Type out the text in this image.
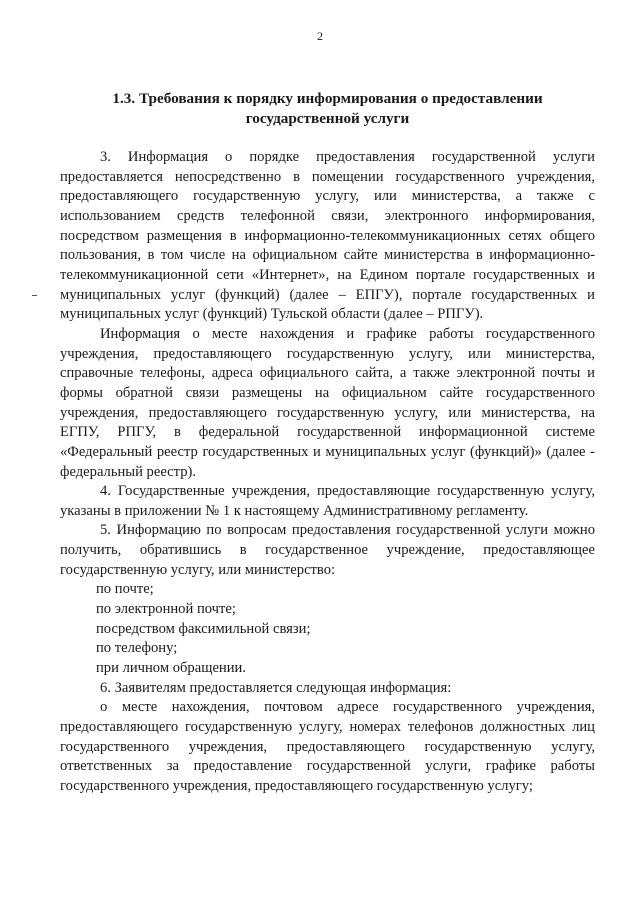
2
1.3. Требования к порядку информирования о предоставлении государственной услуги

3. Информация о порядке предоставления государственной услуги предоставляется непосредственно в помещении государственного учреждения, предоставляющего государственную услугу, или министерства, а также с использованием средств телефонной связи, электронного информирования, посредством размещения в информационно-телекоммуникационных сетях общего пользования, в том числе на официальном сайте министерства в информационно-телекоммуникационной сети «Интернет», на Едином портале государственных и муниципальных услуг (функций) (далее – ЕПГУ), портале государственных и муниципальных услуг (функций) Тульской области (далее – РПГУ).

Информация о месте нахождения и графике работы государственного учреждения, предоставляющего государственную услугу, или министерства, справочные телефоны, адреса официального сайта, а также электронной почты и формы обратной связи размещены на официальном сайте государственного учреждения, предоставляющего государственную услугу, или министерства, на ЕГПУ, РПГУ, в федеральной государственной информационной системе «Федеральный реестр государственных и муниципальных услуг (функций)» (далее - федеральный реестр).

4. Государственные учреждения, предоставляющие государственную услугу, указаны в приложении № 1 к настоящему Административному регламенту.

5. Информацию по вопросам предоставления государственной услуги можно получить, обратившись в государственное учреждение, предоставляющее государственную услугу, или министерство:

по почте;

по электронной почте;

посредством факсимильной связи;

по телефону;

при личном обращении.

6. Заявителям предоставляется следующая информация:

о месте нахождения, почтовом адресе государственного учреждения, предоставляющего государственную услугу, номерах телефонов должностных лиц государственного учреждения, предоставляющего государственную услугу, ответственных за предоставление государственной услуги, графике работы государственного учреждения, предоставляющего государственную услугу;
